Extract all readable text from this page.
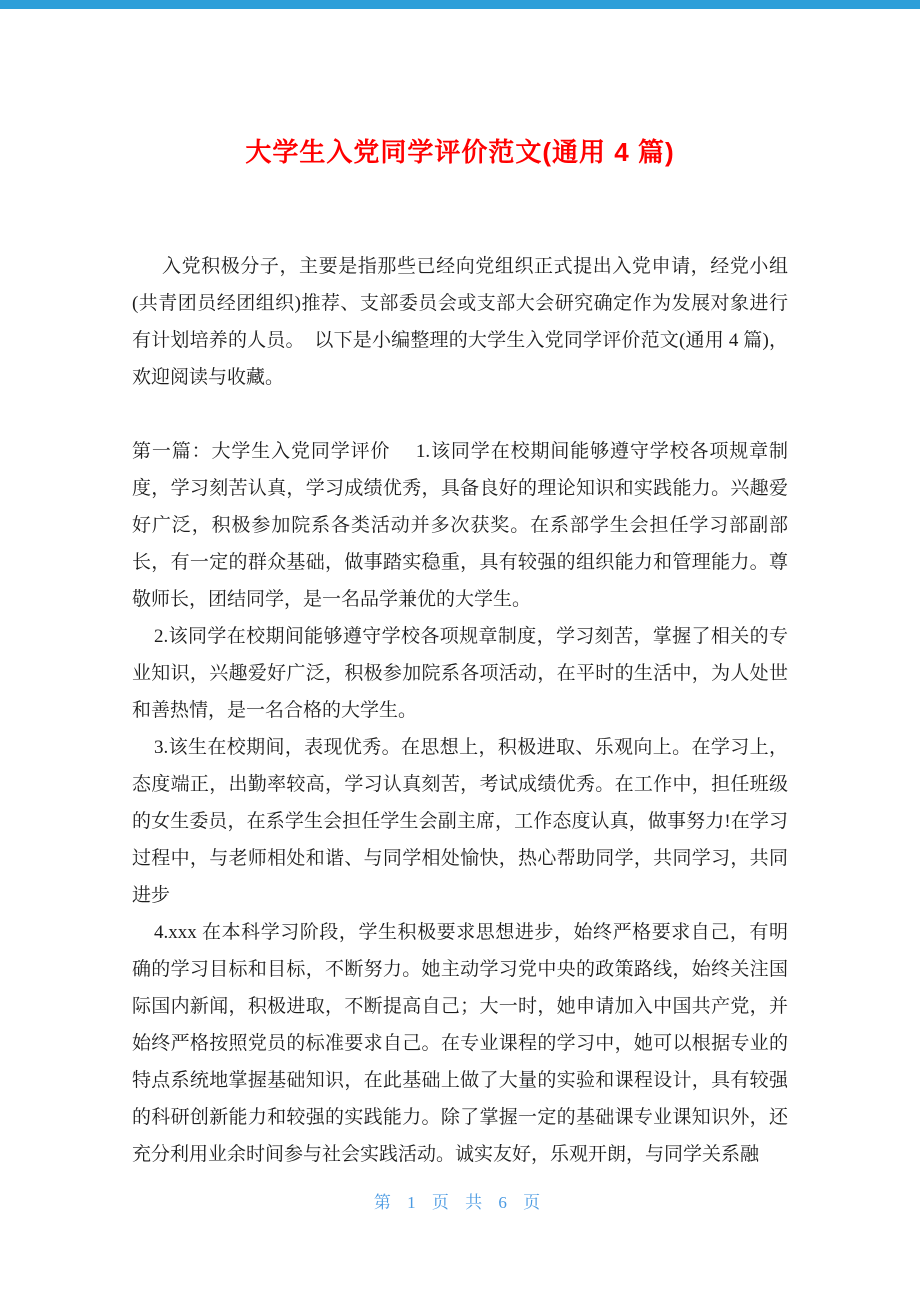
大学生入党同学评价范文(通用 4 篇)

入党积极分子，主要是指那些已经向党组织正式提出入党申请，经党小组(共青团员经团组织)推荐、支部委员会或支部大会研究确定作为发展对象进行有计划培养的人员。　以下是小编整理的大学生入党同学评价范文(通用 4 篇)，欢迎阅读与收藏。

第一篇：大学生入党同学评价　 1.该同学在校期间能够遵守学校各项规章制度，学习刻苦认真，学习成绩优秀，具备良好的理论知识和实践能力。兴趣爱好广泛，积极参加院系各类活动并多次获奖。在系部学生会担任学习部副部长，有一定的群众基础，做事踏实稳重，具有较强的组织能力和管理能力。尊敬师长，团结同学，是一名品学兼优的大学生。

2.该同学在校期间能够遵守学校各项规章制度，学习刻苦，掌握了相关的专业知识，兴趣爱好广泛，积极参加院系各项活动，在平时的生活中，为人处世和善热情，是一名合格的大学生。

3.该生在校期间，表现优秀。在思想上，积极进取、乐观向上。在学习上，态度端正，出勤率较高，学习认真刻苦，考试成绩优秀。在工作中，担任班级的女生委员，在系学生会担任学生会副主席，工作态度认真，做事努力!在学习过程中，与老师相处和谐、与同学相处愉快，热心帮助同学，共同学习，共同进步

4.xxx 在本科学习阶段，学生积极要求思想进步，始终严格要求自己，有明确的学习目标和目标，不断努力。她主动学习党中央的政策路线，始终关注国际国内新闻，积极进取，不断提高自己；大一时，她申请加入中国共产党，并始终严格按照党员的标准要求自己。在专业课程的学习中，她可以根据专业的特点系统地掌握基础知识，在此基础上做了大量的实验和课程设计，具有较强的科研创新能力和较强的实践能力。除了掌握一定的基础课专业课知识外，还充分利用业余时间参与社会实践活动。诚实友好，乐观开朗，与同学关系融

第 1 页 共 6 页
